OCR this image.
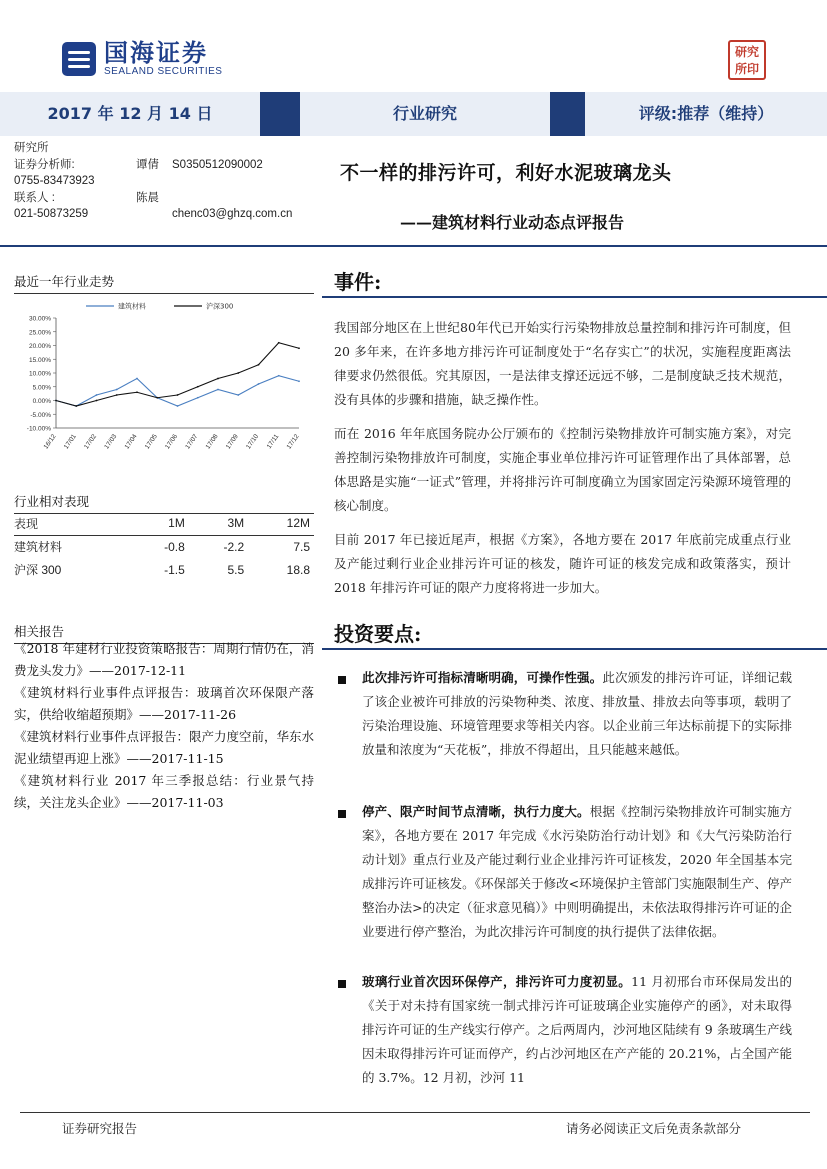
国海证券
SEALAND SECURITIES
研究
所印
2017 年 12 月 14 日	行业研究	评级:推荐（维持）
研究所
证券分析师:	谭倩 S0350512090002
0755-83473923
联系人 :	陈晨
021-50873259	chenc03@ghzq.com.cn
不一样的排污许可，利好水泥玻璃龙头
——建筑材料行业动态点评报告
最近一年行业走势
30.00%
25.00%
20.00%
15.00%
10.00%
5.00%
0.00%
-5.00%
-10.00%
16/12 17/01 17/02 17/03 17/04 17/05 17/06 17/07 17/08 17/09 17/10 17/11 17/12
建筑材料	沪深300
行业相对表现
表现	1M	3M	12M
建筑材料	-0.8	-2.2	7.5
沪深 300	-1.5	5.5	18.8
相关报告
《2018 年建材行业投资策略报告：周期行情仍在，消费龙头发力》——2017-12-11
《建筑材料行业事件点评报告：玻璃首次环保限产落实，供给收缩超预期》——2017-11-26
《建筑材料行业事件点评报告：限产力度空前，华东水泥业绩望再迎上涨》——2017-11-15
《建筑材料行业 2017 年三季报总结：行业景气持续，关注龙头企业》——2017-11-03
事件:
我国部分地区在上世纪80年代已开始实行污染物排放总量控制和排污许可制度，但 20 多年来，在许多地方排污许可证制度处于“名存实亡”的状况，实施程度距离法律要求仍然很低。究其原因，一是法律支撑还远远不够，二是制度缺乏技术规范，没有具体的步骤和措施，缺乏操作性。
而在 2016 年年底国务院办公厅颁布的《控制污染物排放许可制实施方案》，对完善控制污染物排放许可制度，实施企事业单位排污许可证管理作出了具体部署，总体思路是实施“一证式”管理，并将排污许可制度确立为国家固定污染源环境管理的核心制度。
目前 2017 年已接近尾声，根据《方案》，各地方要在 2017 年底前完成重点行业及产能过剩行业企业排污许可证的核发，随许可证的核发完成和政策落实，预计 2018 年排污许可证的限产力度将将进一步加大。
投资要点:
此次排污许可指标清晰明确，可操作性强。此次颁发的排污许可证，详细记载了该企业被许可排放的污染物种类、浓度、排放量、排放去向等事项，载明了污染治理设施、环境管理要求等相关内容。以企业前三年达标前提下的实际排放量和浓度为“天花板”，排放不得超出，且只能越来越低。
停产、限产时间节点清晰，执行力度大。根据《控制污染物排放许可制实施方案》，各地方要在 2017 年完成《水污染防治行动计划》和《大气污染防治行动计划》重点行业及产能过剩行业企业排污许可证核发，2020 年全国基本完成排污许可证核发。《环保部关于修改<环境保护主管部门实施限制生产、停产整治办法>的决定（征求意见稿）》中则明确提出，未依法取得排污许可证的企业要进行停产整治，为此次排污许可制度的执行提供了法律依据。
玻璃行业首次因环保停产，排污许可力度初显。11 月初邢台市环保局发出的《关于对未持有国家统一制式排污许可证玻璃企业实施停产的函》，对未取得排污许可证的生产线实行停产。之后两周内，沙河地区陆续有 9 条玻璃生产线因未取得排污许可证而停产，约占沙河地区在产产能的 20.21%，占全国产能的 3.7%。12 月初，沙河 11
证券研究报告	请务必阅读正文后免责条款部分
